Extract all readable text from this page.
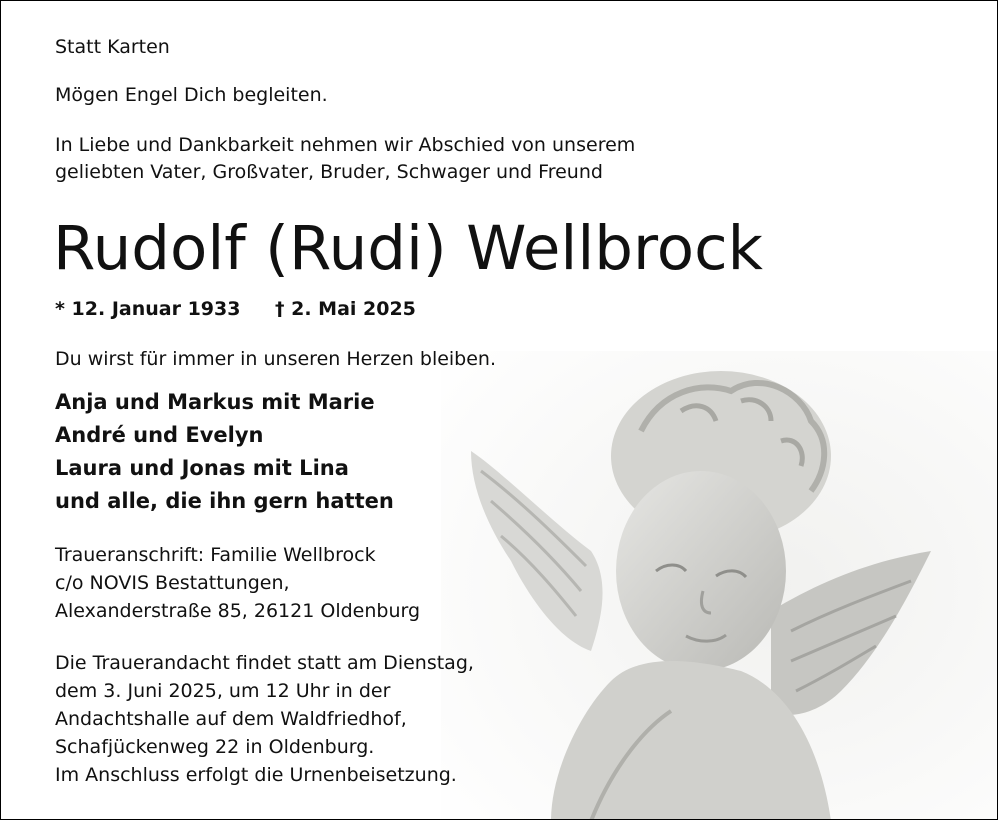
Statt Karten
Mögen Engel Dich begleiten.
In Liebe und Dankbarkeit nehmen wir Abschied von unserem
geliebten Vater, Großvater, Bruder, Schwager und Freund
Rudolf (Rudi) Wellbrock
* 12. Januar 1933 † 2. Mai 2025
Du wirst für immer in unseren Herzen bleiben.
Anja und Markus mit Marie
André und Evelyn
Laura und Jonas mit Lina
und alle, die ihn gern hatten
Traueranschrift: Familie Wellbrock
c/o NOVIS Bestattungen,
Alexanderstraße 85, 26121 Oldenburg
Die Trauerandacht findet statt am Dienstag,
dem 3. Juni 2025, um 12 Uhr in der
Andachtshalle auf dem Waldfriedhof,
Schafjückenweg 22 in Oldenburg.
Im Anschluss erfolgt die Urnenbeisetzung.
